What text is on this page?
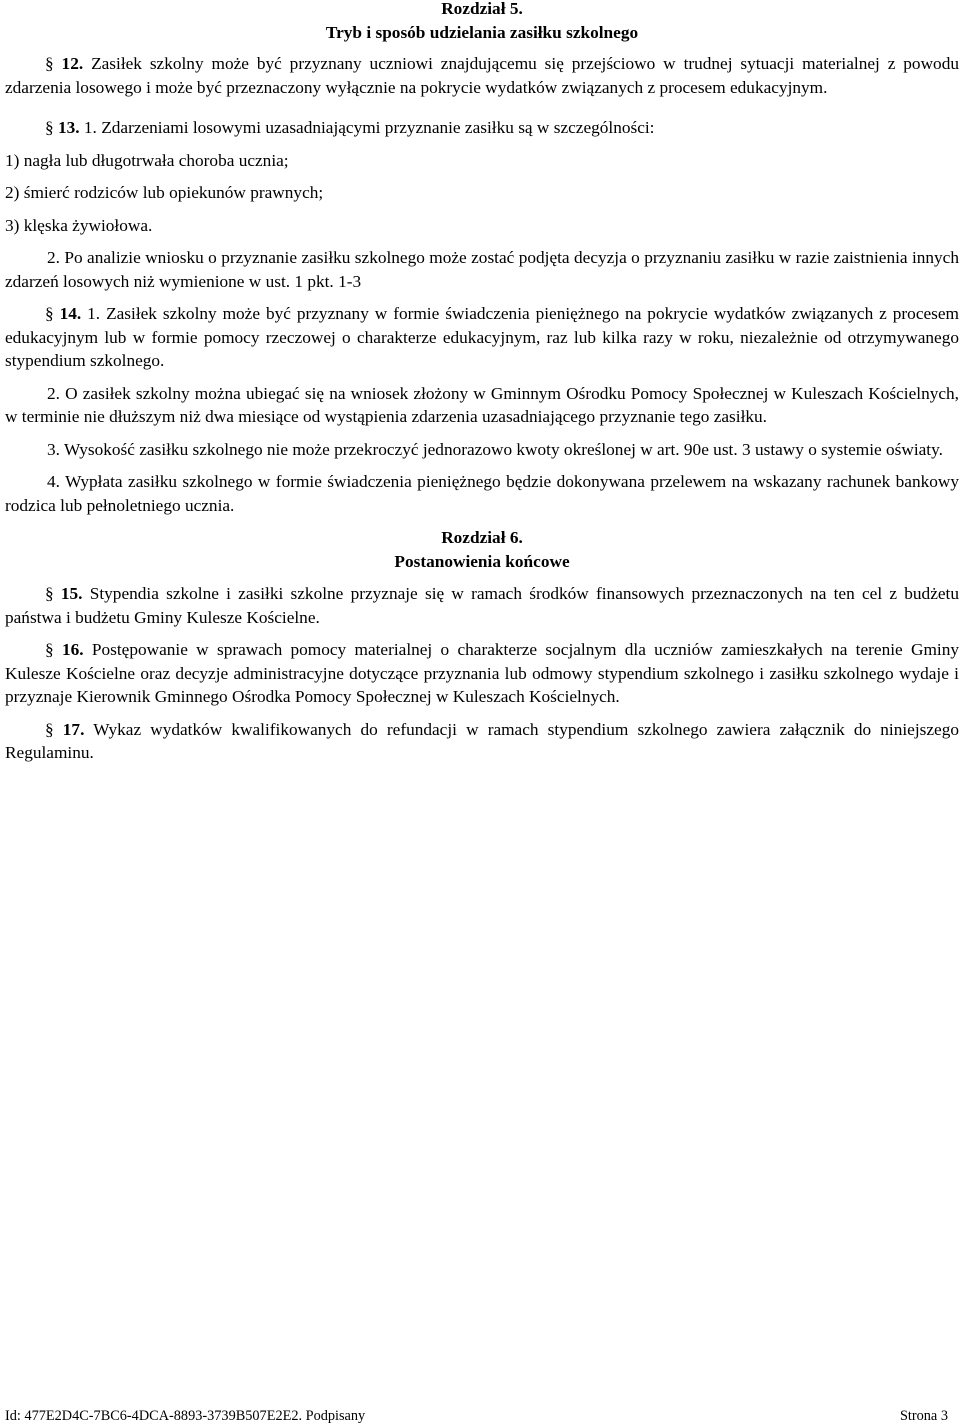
Rozdział 5.
Tryb i sposób udzielania zasiłku szkolnego

§ 12. Zasiłek szkolny może być przyznany uczniowi znajdującemu się przejściowo w trudnej sytuacji materialnej z powodu zdarzenia losowego i może być przeznaczony wyłącznie na pokrycie wydatków związanych z procesem edukacyjnym.

§ 13. 1. Zdarzeniami losowymi uzasadniającymi przyznanie zasiłku są w szczególności:

1) nagła lub długotrwała choroba ucznia;

2) śmierć rodziców lub opiekunów prawnych;

3) klęska żywiołowa.

2. Po analizie wniosku o przyznanie zasiłku szkolnego może zostać podjęta decyzja o przyznaniu zasiłku w razie zaistnienia innych zdarzeń losowych niż wymienione w ust. 1 pkt. 1-3

§ 14. 1. Zasiłek szkolny może być przyznany w formie świadczenia pieniężnego na pokrycie wydatków związanych z procesem edukacyjnym lub w formie pomocy rzeczowej o charakterze edukacyjnym, raz lub kilka razy w roku, niezależnie od otrzymywanego stypendium szkolnego.

2. O zasiłek szkolny można ubiegać się na wniosek złożony w Gminnym Ośrodku Pomocy Społecznej w Kuleszach Kościelnych, w terminie nie dłuższym niż dwa miesiące od wystąpienia zdarzenia uzasadniającego przyznanie tego zasiłku.

3. Wysokość zasiłku szkolnego nie może przekroczyć jednorazowo kwoty określonej w art. 90e ust. 3 ustawy o systemie oświaty.

4. Wypłata zasiłku szkolnego w formie świadczenia pieniężnego będzie dokonywana przelewem na wskazany rachunek bankowy rodzica lub pełnoletniego ucznia.

Rozdział 6.
Postanowienia końcowe

§ 15. Stypendia szkolne i zasiłki szkolne przyznaje się w ramach środków finansowych przeznaczonych na ten cel z budżetu państwa i budżetu Gminy Kulesze Kościelne.

§ 16. Postępowanie w sprawach pomocy materialnej o charakterze socjalnym dla uczniów zamieszkałych na terenie Gminy Kulesze Kościelne oraz decyzje administracyjne dotyczące przyznania lub odmowy stypendium szkolnego i zasiłku szkolnego wydaje i przyznaje Kierownik Gminnego Ośrodka Pomocy Społecznej w Kuleszach Kościelnych.

§ 17. Wykaz wydatków kwalifikowanych do refundacji w ramach stypendium szkolnego zawiera załącznik do niniejszego Regulaminu.

Id: 477E2D4C-7BC6-4DCA-8893-3739B507E2E2. Podpisany	Strona 3
